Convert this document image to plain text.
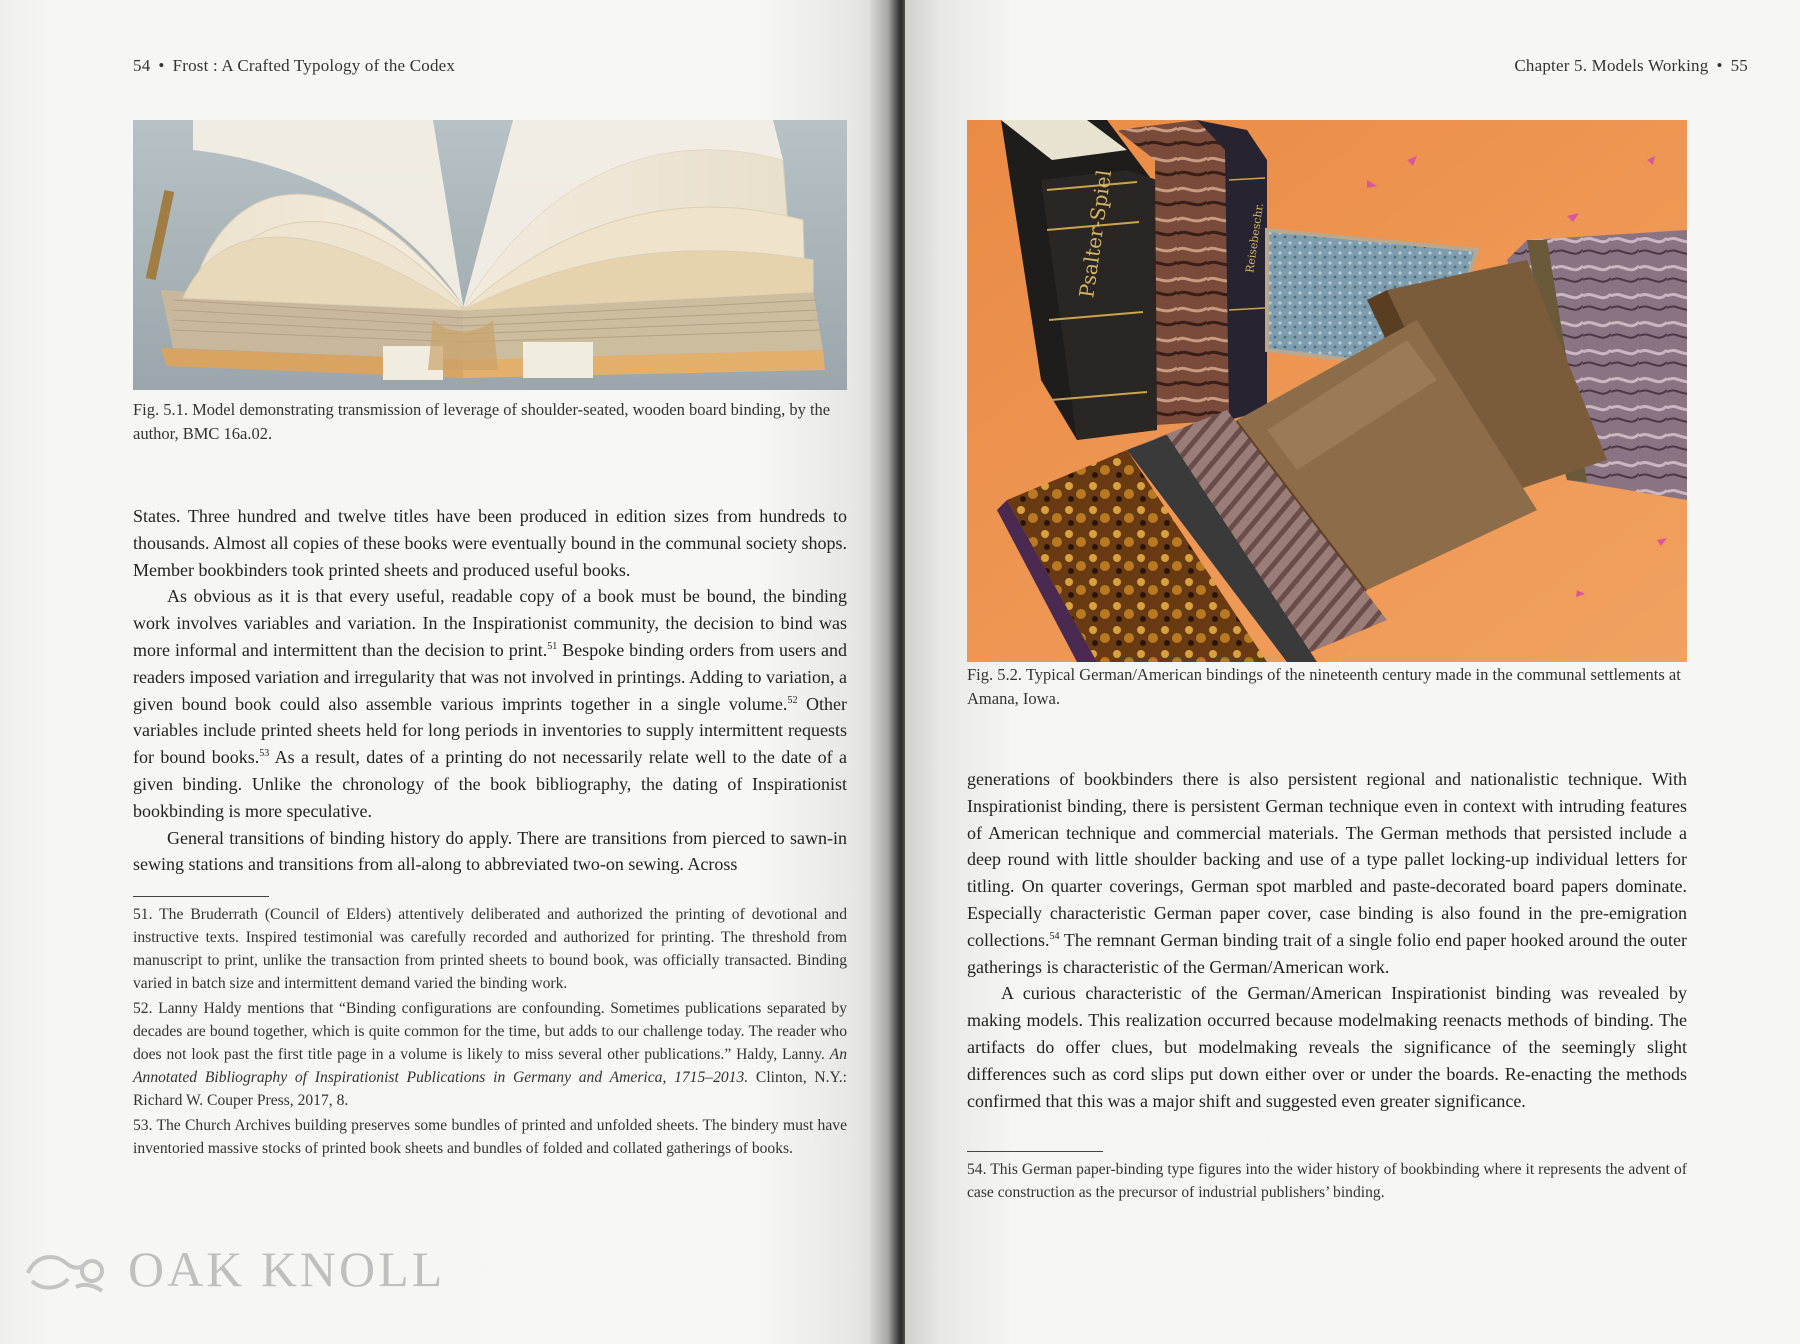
54 • Frost : A Crafted Typology of the Codex
Fig. 5.1. Model demonstrating transmission of leverage of shoulder-seated, wooden board binding, by the author, BMC 16a.02.

States. Three hundred and twelve titles have been produced in edition sizes from hundreds to thousands. Almost all copies of these books were eventually bound in the communal society shops. Member bookbinders took printed sheets and produced useful books.

As obvious as it is that every useful, readable copy of a book must be bound, the binding work involves variables and variation. In the Inspirationist community, the decision to bind was more informal and intermittent than the decision to print.$^{51}$ Bespoke binding orders from users and readers imposed variation and irregularity that was not involved in printings. Adding to variation, a given bound book could also assemble various imprints together in a single volume.$^{52}$ Other variables include printed sheets held for long periods in inventories to supply intermittent requests for bound books.$^{53}$ As a result, dates of a printing do not necessarily relate well to the date of a given binding. Unlike the chronology of the book bibliography, the dating of Inspirationist bookbinding is more speculative.

General transitions of binding history do apply. There are transitions from pierced to sawn-in sewing stations and transitions from all-along to abbreviated two-on sewing. Across

51. The Bruderrath (Council of Elders) attentively deliberated and authorized the printing of devotional and instructive texts. Inspired testimonial was carefully recorded and authorized for printing. The threshold from manuscript to print, unlike the transaction from printed sheets to bound book, was officially transacted. Binding varied in batch size and intermittent demand varied the binding work.

52. Lanny Haldy mentions that “Binding configurations are confounding. Sometimes publications separated by decades are bound together, which is quite common for the time, but adds to our challenge today. The reader who does not look past the first title page in a volume is likely to miss several other publications.” Haldy, Lanny. An Annotated Bibliography of Inspirationist Publications in Germany and America, 1715–2013. Clinton, N.Y.: Richard W. Couper Press, 2017, 8.

53. The Church Archives building preserves some bundles of printed and unfolded sheets. The bindery must have inventoried massive stocks of printed book sheets and bundles of folded and collated gatherings of books.

OAK KNOLL
Chapter 5. Models Working • 55
Psalter-Spiel	Reisebeschr.
Fig. 5.2. Typical German/American bindings of the nineteenth century made in the communal settlements at Amana, Iowa.

generations of bookbinders there is also persistent regional and nationalistic technique. With Inspirationist binding, there is persistent German technique even in context with intruding features of American technique and commercial materials. The German methods that persisted include a deep round with little shoulder backing and use of a type pallet locking-up individual letters for titling. On quarter coverings, German spot marbled and paste-decorated board papers dominate. Especially characteristic German paper cover, case binding is also found in the pre-emigration collections.$^{54}$ The remnant German binding trait of a single folio end paper hooked around the outer gatherings is characteristic of the German/American work.

A curious characteristic of the German/American Inspirationist binding was revealed by making models. This realization occurred because modelmaking reenacts methods of binding. The artifacts do offer clues, but modelmaking reveals the significance of the seemingly slight differences such as cord slips put down either over or under the boards. Re-enacting the methods confirmed that this was a major shift and suggested even greater significance.

54. This German paper-binding type figures into the wider history of bookbinding where it represents the advent of case construction as the precursor of industrial publishers’ binding.
